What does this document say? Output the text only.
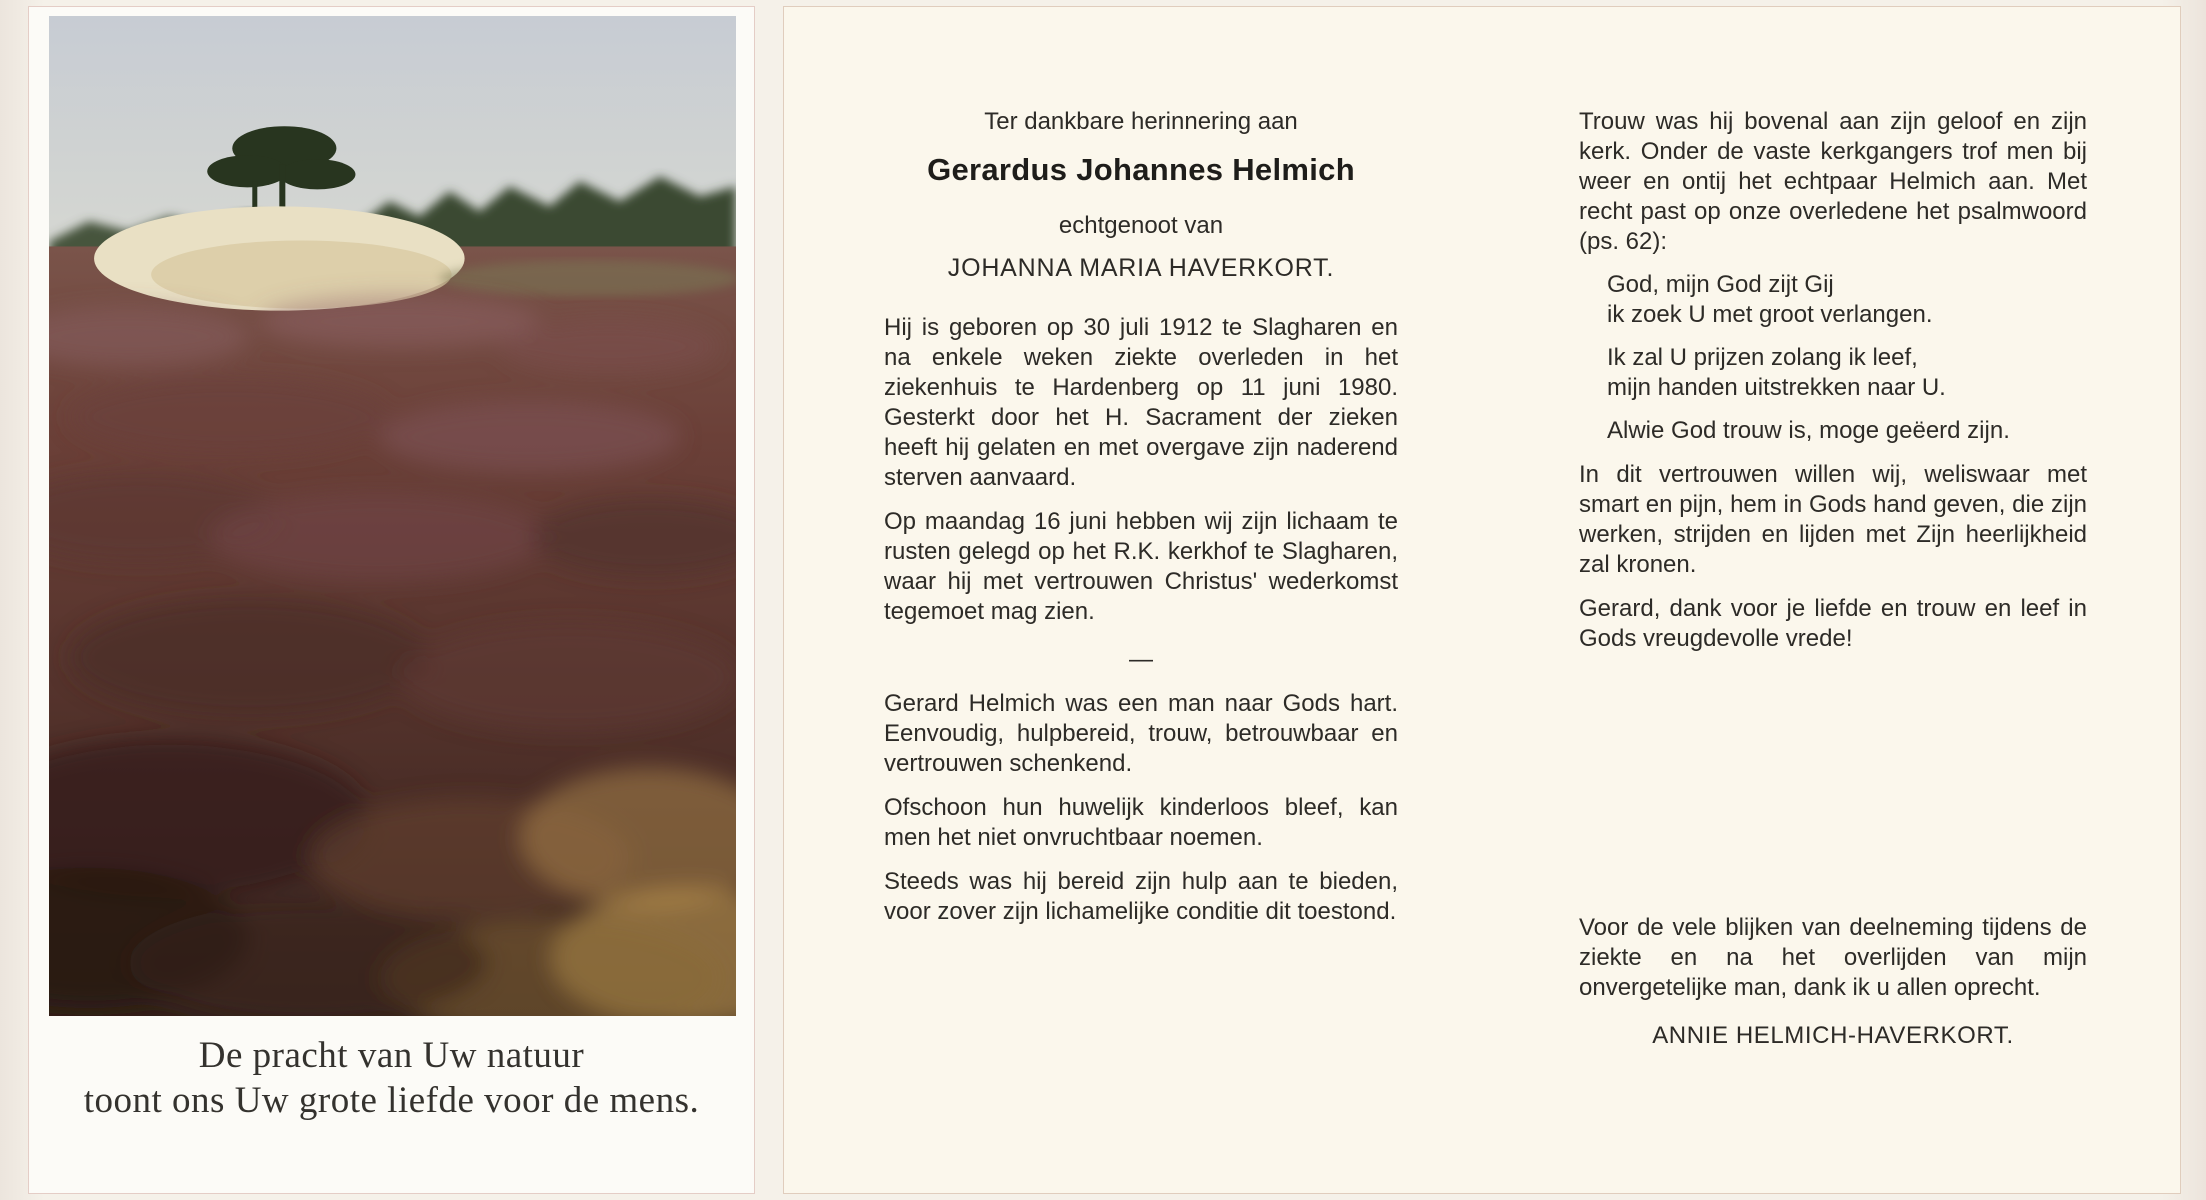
De pracht van Uw natuur
toont ons Uw grote liefde voor de mens.
Ter dankbare herinnering aan
Gerardus Johannes Helmich
echtgenoot van
JOHANNA MARIA HAVERKORT.
Hij is geboren op 30 juli 1912 te Slagharen en na enkele weken ziekte overleden in het ziekenhuis te Hardenberg op 11 juni 1980. Gesterkt door het H. Sacrament der zieken heeft hij gelaten en met overgave zijn naderend sterven aanvaard.
Op maandag 16 juni hebben wij zijn lichaam te rusten gelegd op het R.K. kerkhof te Slagharen, waar hij met vertrouwen Christus' wederkomst tegemoet mag zien.
—
Gerard Helmich was een man naar Gods hart. Eenvoudig, hulpbereid, trouw, betrouwbaar en vertrouwen schenkend.
Ofschoon hun huwelijk kinderloos bleef, kan men het niet onvruchtbaar noemen.
Steeds was hij bereid zijn hulp aan te bieden, voor zover zijn lichamelijke conditie dit toestond.
Trouw was hij bovenal aan zijn geloof en zijn kerk. Onder de vaste kerkgangers trof men bij weer en ontij het echtpaar Helmich aan. Met recht past op onze overledene het psalmwoord (ps. 62):
God, mijn God zijt Gij
ik zoek U met groot verlangen.
Ik zal U prijzen zolang ik leef,
mijn handen uitstrekken naar U.
Alwie God trouw is, moge geëerd zijn.
In dit vertrouwen willen wij, weliswaar met smart en pijn, hem in Gods hand geven, die zijn werken, strijden en lijden met Zijn heerlijkheid zal kronen.
Gerard, dank voor je liefde en trouw en leef in Gods vreugdevolle vrede!
Voor de vele blijken van deelneming tijdens de ziekte en na het overlijden van mijn onvergetelijke man, dank ik u allen oprecht.
ANNIE HELMICH-HAVERKORT.
